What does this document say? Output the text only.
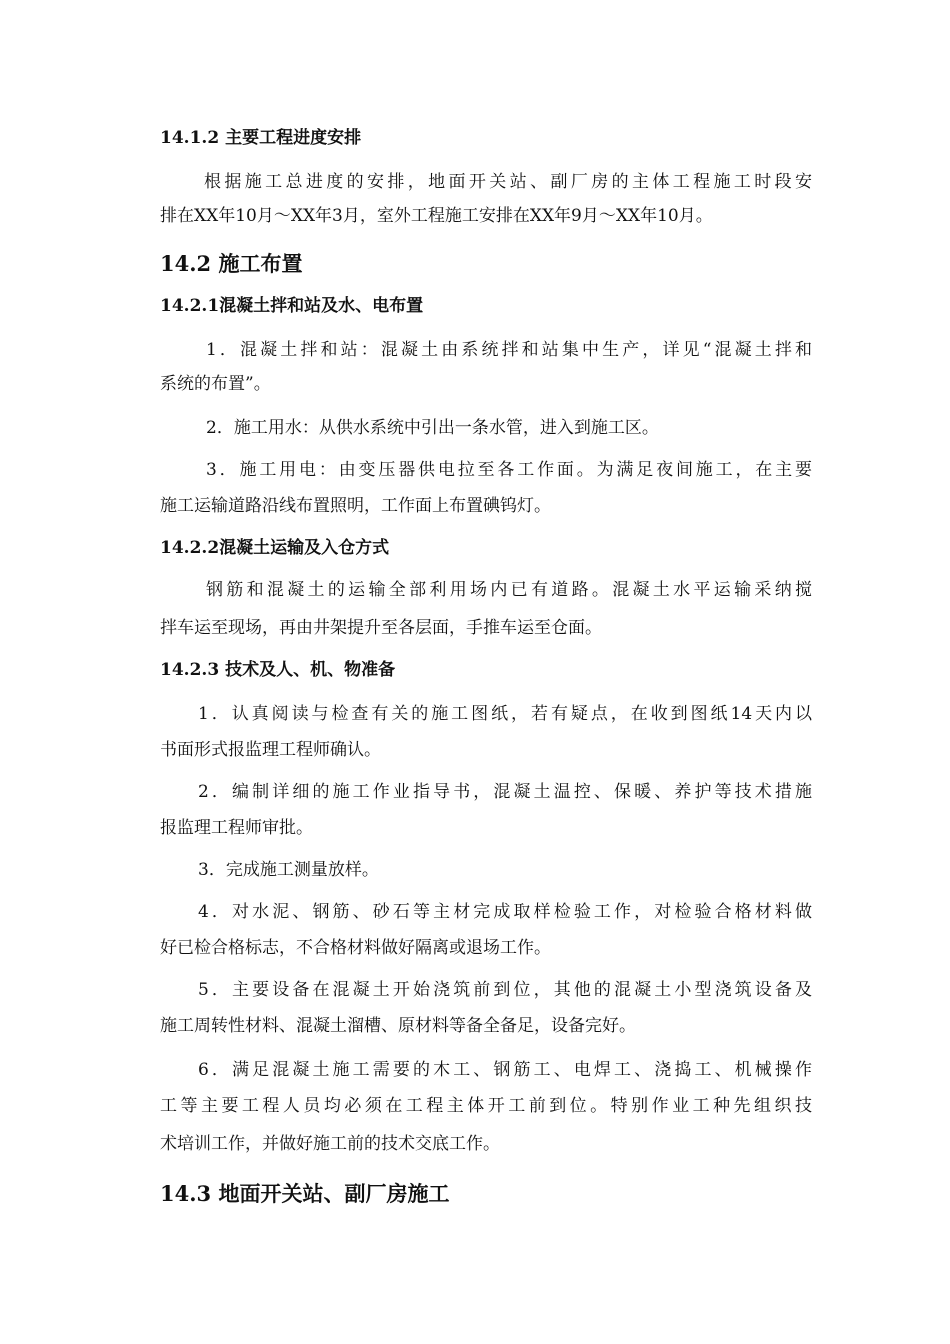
14.1.2 主要工程进度安排
根据施工总进度的安排，地面开关站、副厂房的主体工程施工时段安
排在XX年10月～XX年3月，室外工程施工安排在XX年9月～XX年10月。
14.2 施工布置
14.2.1混凝土拌和站及水、电布置
1．混凝土拌和站：混凝土由系统拌和站集中生产，详见“混凝土拌和
系统的布置”。
2．施工用水：从供水系统中引出一条水管，进入到施工区。
3．施工用电：由变压器供电拉至各工作面。为满足夜间施工，在主要
施工运输道路沿线布置照明，工作面上布置碘钨灯。
14.2.2混凝土运输及入仓方式
钢筋和混凝土的运输全部利用场内已有道路。混凝土水平运输采纳搅
拌车运至现场，再由井架提升至各层面，手推车运至仓面。
14.2.3 技术及人、机、物准备
1．认真阅读与检查有关的施工图纸，若有疑点，在收到图纸14天内以
书面形式报监理工程师确认。
2．编制详细的施工作业指导书，混凝土温控、保暖、养护等技术措施
报监理工程师审批。
3．完成施工测量放样。
4．对水泥、钢筋、砂石等主材完成取样检验工作，对检验合格材料做
好已检合格标志，不合格材料做好隔离或退场工作。
5．主要设备在混凝土开始浇筑前到位，其他的混凝土小型浇筑设备及
施工周转性材料、混凝土溜槽、原材料等备全备足，设备完好。
6．满足混凝土施工需要的木工、钢筋工、电焊工、浇捣工、机械操作
工等主要工程人员均必须在工程主体开工前到位。特别作业工种先组织技
术培训工作，并做好施工前的技术交底工作。
14.3 地面开关站、副厂房施工
